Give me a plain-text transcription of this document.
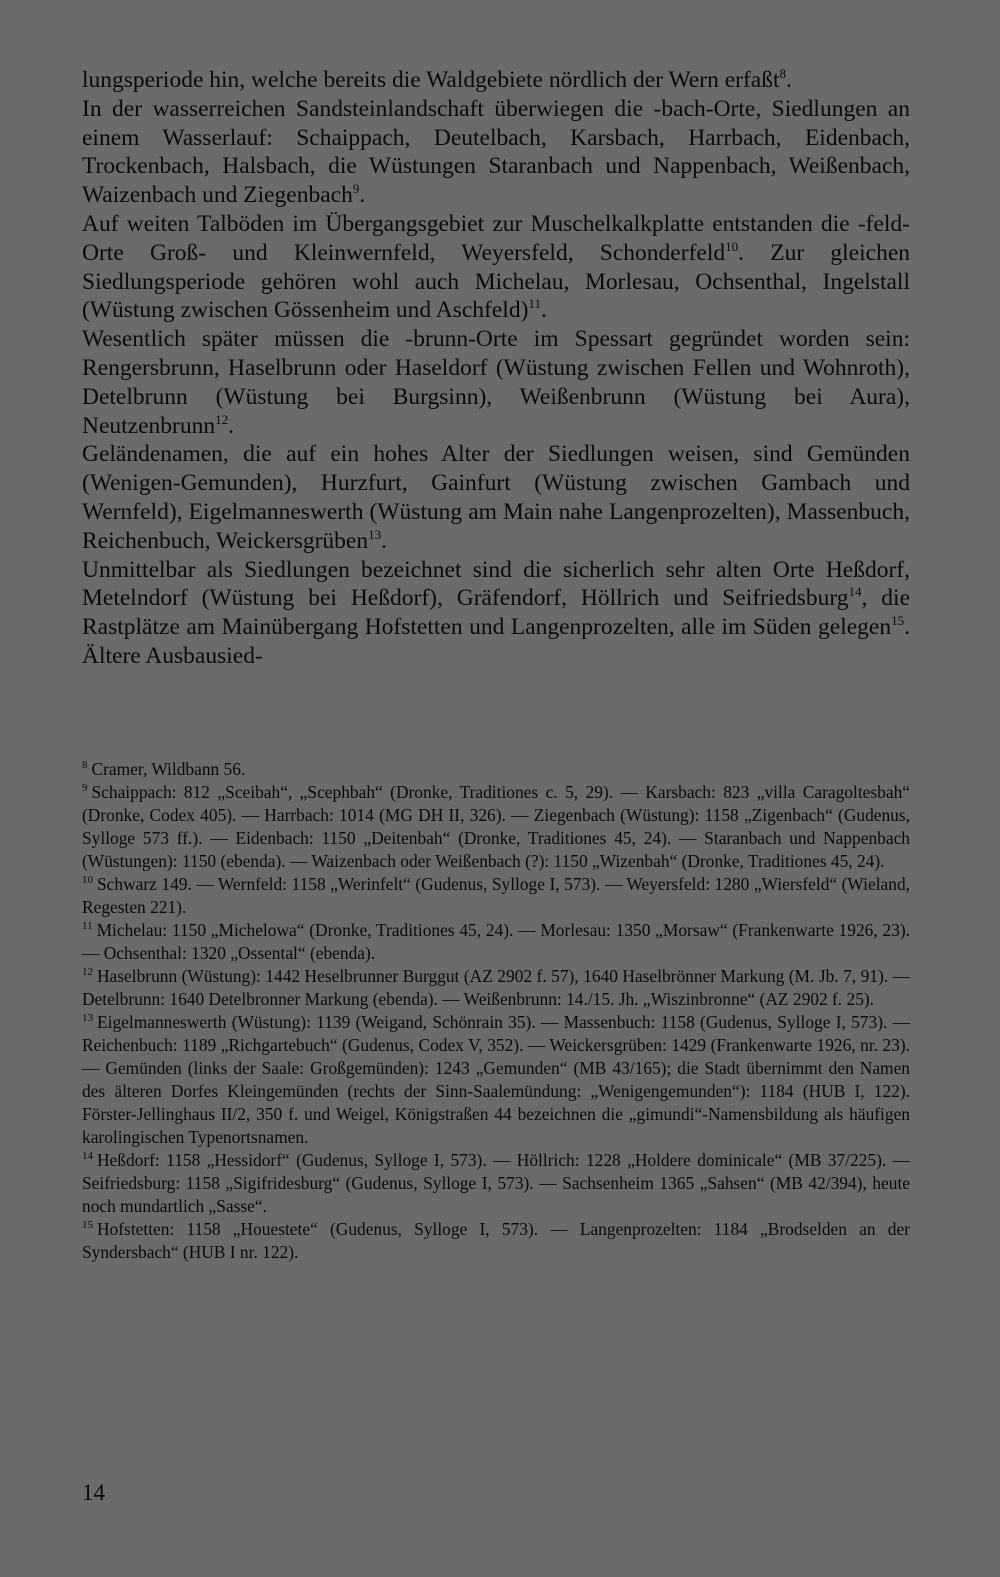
lungsperiode hin, welche bereits die Waldgebiete nördlich der Wern erfaßt$^8$.

In der wasserreichen Sandsteinlandschaft überwiegen die -bach-Orte, Siedlungen an einem Wasserlauf: Schaippach, Deutelbach, Karsbach, Harrbach, Eidenbach, Trockenbach, Halsbach, die Wüstungen Staranbach und Nappenbach, Weißenbach, Waizenbach und Ziegenbach$^9$.

Auf weiten Talböden im Übergangsgebiet zur Muschelkalkplatte entstanden die -feld-Orte Groß- und Kleinwernfeld, Weyersfeld, Schonderfeld$^{10}$. Zur gleichen Siedlungsperiode gehören wohl auch Michelau, Morlesau, Ochsenthal, Ingelstall (Wüstung zwischen Gössenheim und Aschfeld)$^{11}$.

Wesentlich später müssen die -brunn-Orte im Spessart gegründet worden sein: Rengersbrunn, Haselbrunn oder Haseldorf (Wüstung zwischen Fellen und Wohnroth), Detelbrunn (Wüstung bei Burgsinn), Weißenbrunn (Wüstung bei Aura), Neutzenbrunn$^{12}$.

Geländenamen, die auf ein hohes Alter der Siedlungen weisen, sind Gemünden (Wenigen-Gemunden), Hurzfurt, Gainfurt (Wüstung zwischen Gambach und Wernfeld), Eigelmanneswerth (Wüstung am Main nahe Langenprozelten), Massenbuch, Reichenbuch, Weickersgrüben$^{13}$.

Unmittelbar als Siedlungen bezeichnet sind die sicherlich sehr alten Orte Heßdorf, Metelndorf (Wüstung bei Heßdorf), Gräfendorf, Höllrich und Seifriedsburg$^{14}$, die Rastplätze am Mainübergang Hofstetten und Langenprozelten, alle im Süden gelegen$^{15}$. Ältere Ausbausied-

$^8$ Cramer, Wildbann 56.

$^9$ Schaippach: 812 „Sceibah“, „Scephbah“ (Dronke, Traditiones c. 5, 29). — Karsbach: 823 „villa Caragoltesbah“ (Dronke, Codex 405). — Harrbach: 1014 (MG DH II, 326). — Ziegenbach (Wüstung): 1158 „Zigenbach“ (Gudenus, Sylloge 573 ff.). — Eidenbach: 1150 „Deitenbah“ (Dronke, Traditiones 45, 24). — Staranbach und Nappenbach (Wüstungen): 1150 (ebenda). — Waizenbach oder Weißenbach (?): 1150 „Wizenbah“ (Dronke, Traditiones 45, 24).

$^{10}$ Schwarz 149. — Wernfeld: 1158 „Werinfelt“ (Gudenus, Sylloge I, 573). — Weyersfeld: 1280 „Wiersfeld“ (Wieland, Regesten 221).

$^{11}$ Michelau: 1150 „Michelowa“ (Dronke, Traditiones 45, 24). — Morlesau: 1350 „Morsaw“ (Frankenwarte 1926, 23). — Ochsenthal: 1320 „Ossental“ (ebenda).

$^{12}$ Haselbrunn (Wüstung): 1442 Heselbrunner Burggut (AZ 2902 f. 57), 1640 Haselbrönner Markung (M. Jb. 7, 91). — Detelbrunn: 1640 Detelbronner Markung (ebenda). — Weißenbrunn: 14./15. Jh. „Wiszinbronne“ (AZ 2902 f. 25).

$^{13}$ Eigelmanneswerth (Wüstung): 1139 (Weigand, Schönrain 35). — Massenbuch: 1158 (Gudenus, Sylloge I, 573). — Reichenbuch: 1189 „Richgartebuch“ (Gudenus, Codex V, 352). — Weickersgrüben: 1429 (Frankenwarte 1926, nr. 23). — Gemünden (links der Saale: Großgemünden): 1243 „Gemunden“ (MB 43/165); die Stadt übernimmt den Namen des älteren Dorfes Kleingemünden (rechts der Sinn-Saalemündung: „Wenigengemunden“): 1184 (HUB I, 122). Förster-Jellinghaus II/2, 350 f. und Weigel, Königstraßen 44 bezeichnen die „gimundi“-Namensbildung als häufigen karolingischen Typenortsnamen.

$^{14}$ Heßdorf: 1158 „Hessidorf“ (Gudenus, Sylloge I, 573). — Höllrich: 1228 „Holdere dominicale“ (MB 37/225). — Seifriedsburg: 1158 „Sigifridesburg“ (Gudenus, Sylloge I, 573). — Sachsenheim 1365 „Sahsen“ (MB 42/394), heute noch mundartlich „Sasse“.

$^{15}$ Hofstetten: 1158 „Houestete“ (Gudenus, Sylloge I, 573). — Langenprozelten: 1184 „Brodselden an der Syndersbach“ (HUB I nr. 122).

14
